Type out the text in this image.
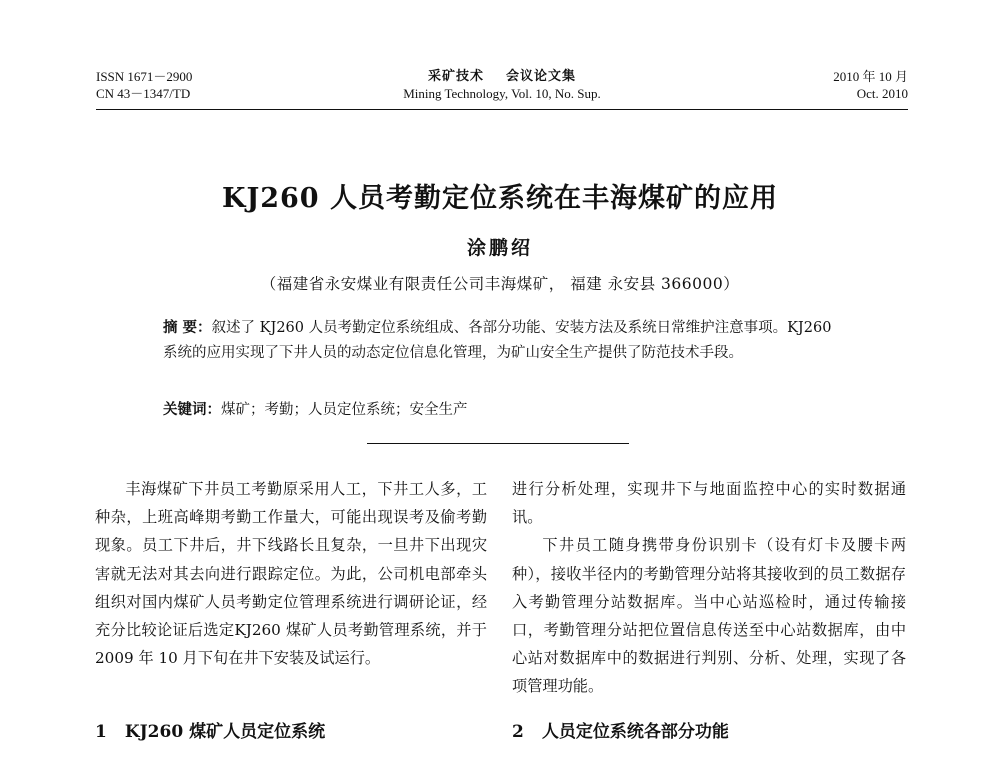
ISSN 1671－2900
CN 43－1347/TD
采矿技术 会议论文集
Mining Technology, Vol. 10, No. Sup.
2010 年 10 月
Oct. 2010
KJ260 人员考勤定位系统在丰海煤矿的应用
涂鹏绍
（福建省永安煤业有限责任公司丰海煤矿， 福建 永安县 366000）

摘 要：叙述了 KJ260 人员考勤定位系统组成、各部分功能、安装方法及系统日常维护注意事项。KJ260 系统的应用实现了下井人员的动态定位信息化管理，为矿山安全生产提供了防范技术手段。

关键词：煤矿；考勤；人员定位系统；安全生产

丰海煤矿下井员工考勤原采用人工，下井工人多，工种杂，上班高峰期考勤工作量大，可能出现误考及偷考勤现象。员工下井后，井下线路长且复杂，一旦井下出现灾害就无法对其去向进行跟踪定位。为此，公司机电部牵头组织对国内煤矿人员考勤定位管理系统进行调研论证，经充分比较论证后选定KJ260 煤矿人员考勤管理系统，并于 2009 年 10 月下旬在井下安装及试运行。

进行分析处理，实现井下与地面监控中心的实时数据通讯。

下井员工随身携带身份识别卡（设有灯卡及腰卡两种），接收半径内的考勤管理分站将其接收到的员工数据存入考勤管理分站数据库。当中心站巡检时，通过传输接口，考勤管理分站把位置信息传送至中心站数据库，由中心站对数据库中的数据进行判别、分析、处理，实现了各项管理功能。

1 KJ260 煤矿人员定位系统	2 人员定位系统各部分功能
